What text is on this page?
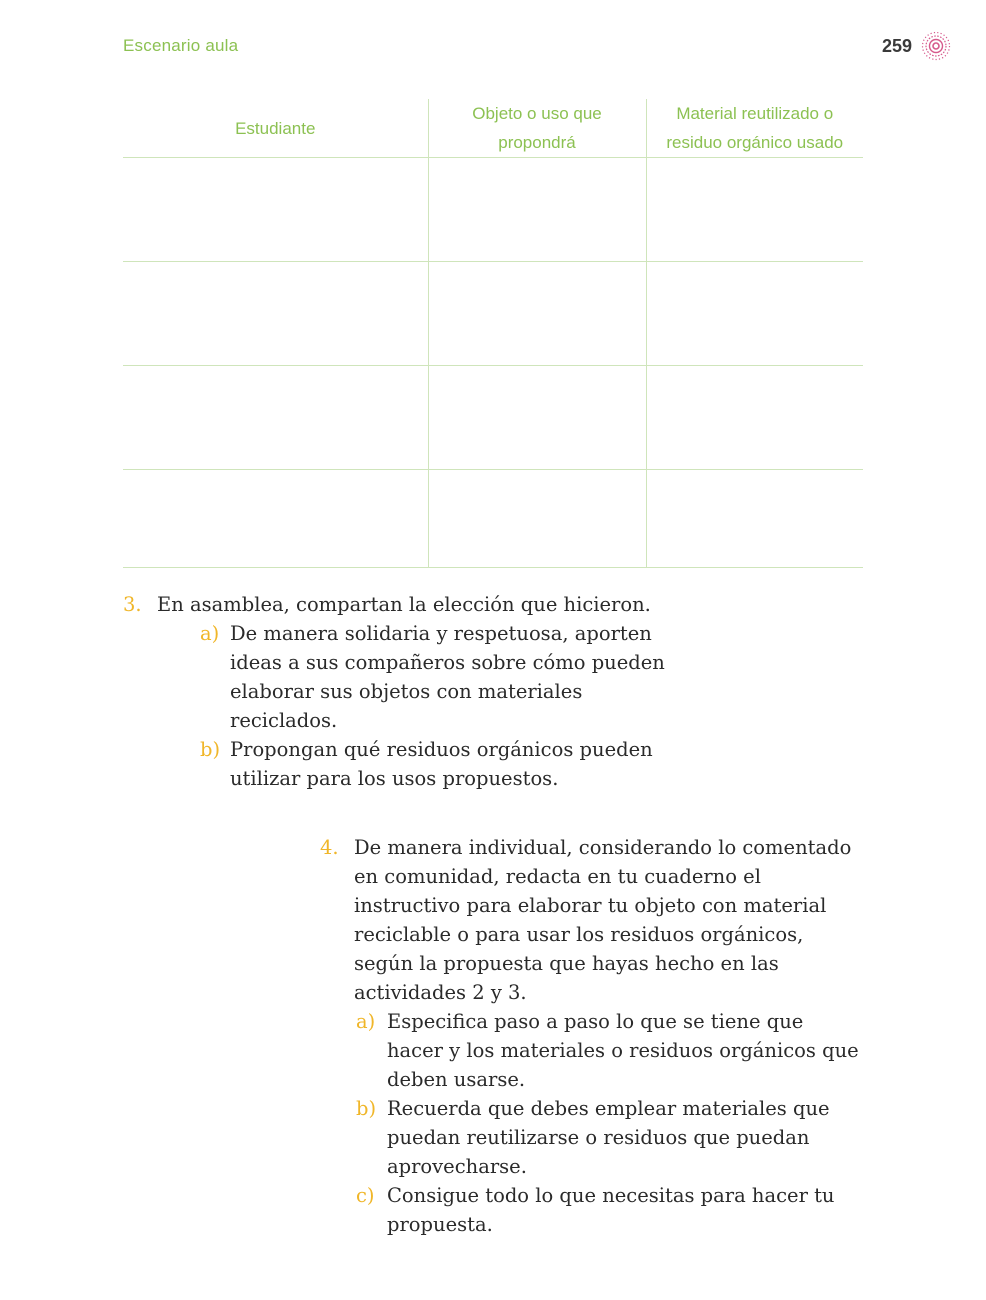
Escenario aula	259
Estudiante	Objeto o uso que propondrá	Material reutilizado o residuo orgánico usado

3. En asamblea, compartan la elección que hicieron.
a) De manera solidaria y respetuosa, aporten ideas a sus compañeros sobre cómo pueden elaborar sus objetos con materiales reciclados.
b) Propongan qué residuos orgánicos pueden utilizar para los usos propuestos.
4. De manera individual, considerando lo comentado en comunidad, redacta en tu cuaderno el instructivo para elaborar tu objeto con material reciclable o para usar los residuos orgánicos, según la propuesta que hayas hecho en las actividades 2 y 3.
a) Especifica paso a paso lo que se tiene que hacer y los materiales o residuos orgánicos que deben usarse.
b) Recuerda que debes emplear materiales que puedan reutilizarse o residuos que puedan aprovecharse.
c) Consigue todo lo que necesitas para hacer tu propuesta.
